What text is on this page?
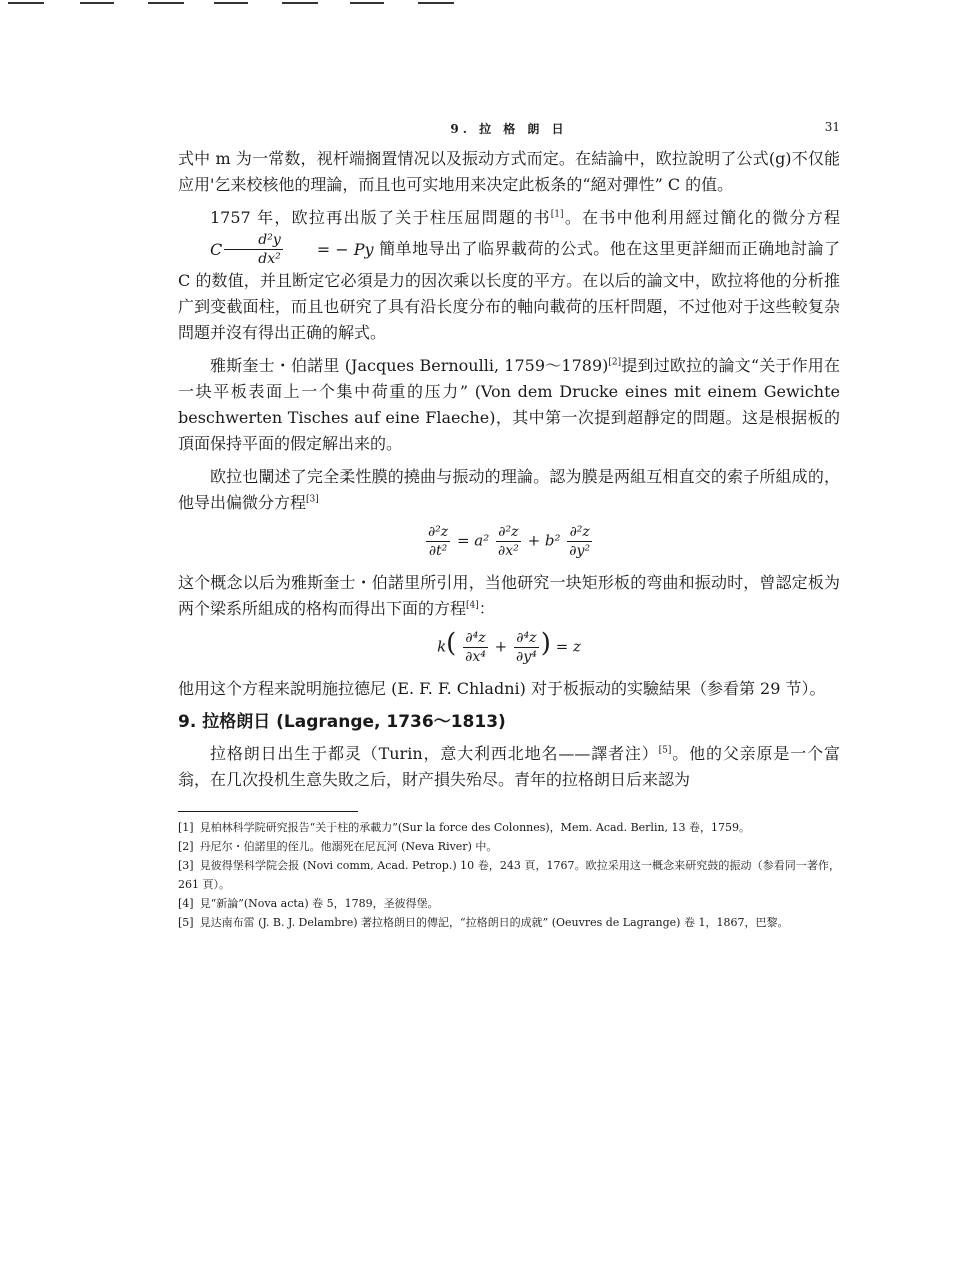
9. 拉 格 朗 日	31

式中 m 为一常数，视杆端搁置情况以及振动方式而定。在結論中，欧拉說明了公式(g)不仅能应用'乞来校核他的理論，而且也可实地用来决定此板条的“絕对彈性” C 的值。

1757 年，欧拉再出版了关于柱压屈問題的书[1]。在书中他利用經过簡化的微分方程
C $\frac{\text{d²y}}{\text{dx²}}$	= − Py 簡单地导出了临界載荷的公式。他在这里更詳細而正确地討論了 C 的数值，并且断定它必須是力的因次乘以长度的平方。在以后的論文中，欧拉将他的分析推广到变截面柱，而且也研究了具有沿长度分布的軸向載荷的压杆問題，不过他对于这些較复杂問題并沒有得出正确的解式。

雅斯奎士・伯諾里 (Jacques Bernoulli, 1759～1789)[2]提到过欧拉的論文“关于作用在一块平板表面上一个集中荷重的压力” (Von dem Drucke eines mit einem Gewichte beschwerten Tisches auf eine Flaeche)，其中第一次提到超靜定的問題。这是根据板的頂面保持平面的假定解出来的。

欧拉也闡述了完全柔性膜的撓曲与振动的理論。認为膜是两組互相直交的索子所組成的，他导出偏微分方程[3]

$\frac{\text{∂²z}}{\text{∂t²}} = a^2 \frac{\text{∂²z}}{\text{∂x²}} + b^2 \frac{\text{∂²z}}{\text{∂y²}}$

这个概念以后为雅斯奎士・伯諾里所引用，当他研究一块矩形板的弯曲和振动时，曾認定板为两个梁系所組成的格构而得出下面的方程[4]：

$k( \frac{\text{∂⁴z}}{\text{∂x⁴}} + \frac{\text{∂⁴z}}{\text{∂y⁴}}$ ) = z

他用这个方程来說明施拉德尼 (E. F. F. Chladni) 对于板振动的实驗結果（参看第 29 节）。

9. 拉格朗日 (Lagrange, 1736～1813)

拉格朗日出生于都灵（Turin，意大利西北地名——譯者注）[5]。他的父亲原是一个富翁，在几次投机生意失敗之后，財产損失殆尽。青年的拉格朗日后来認为

[1] 見柏林科学院研究报告“关于柱的承載力”(Sur la force des Colonnes)，Mem. Acad. Berlin, 13 卷，1759。

[2] 丹尼尔・伯諾里的侄儿。他溺死在尼瓦河 (Neva River) 中。

[3] 見彼得堡科学院会报 (Novi comm, Acad. Petrop.) 10 卷，243 頁，1767。欧拉采用这一概念来研究鼓的振动（参看同一著作，261 頁）。

[4] 見“新論”(Nova acta) 卷 5，1789，圣彼得堡。

[5] 見达南布雷 (J. B. J. Delambre) 著拉格朗日的傳記，“拉格朗日的成就” (Oeuvres de Lagrange) 卷 1，1867，巴黎。
